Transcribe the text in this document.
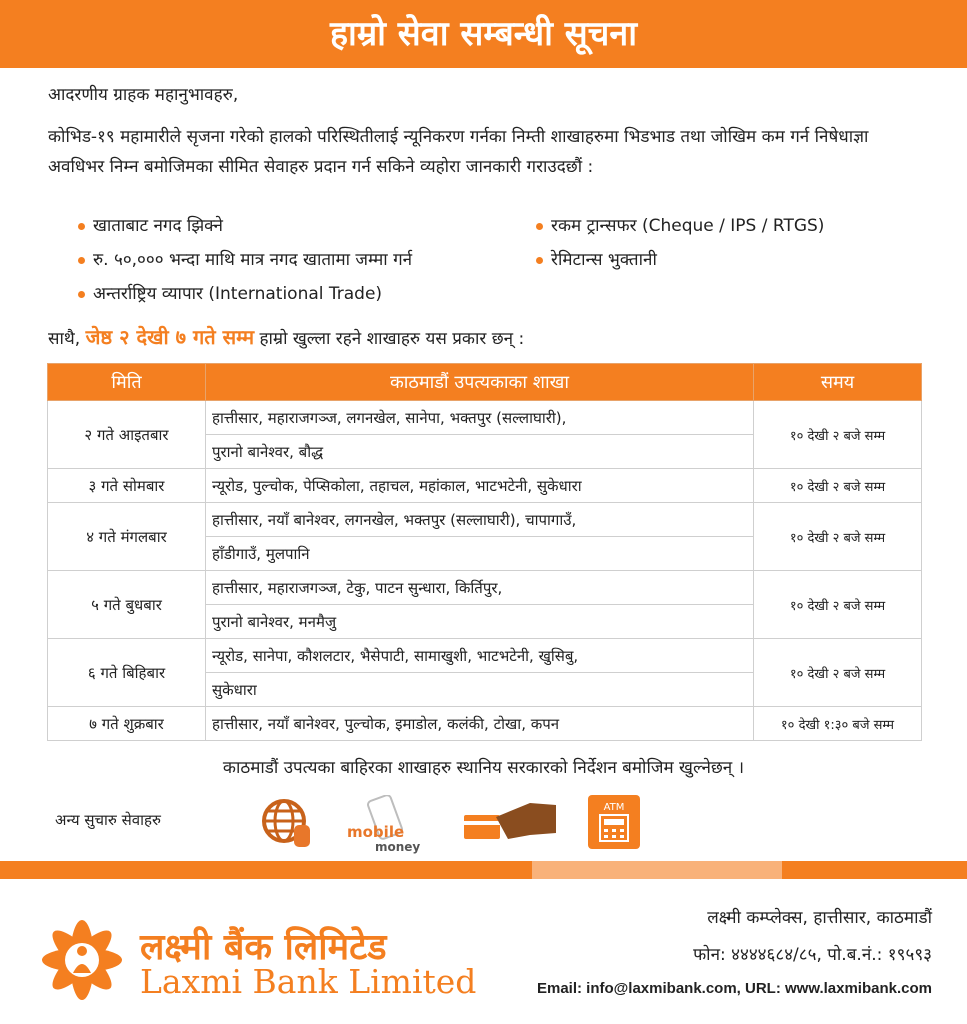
हाम्रो सेवा सम्बन्धी सूचना
आदरणीय ग्राहक महानुभावहरु,
कोभिड-१९ महामारीले सृजना गरेको हालको परिस्थितीलाई न्यूनिकरण गर्नका निम्ती शाखाहरुमा भिडभाड तथा जोखिम कम गर्न निषेधाज्ञा अवधिभर निम्न बमोजिमका सीमित सेवाहरु प्रदान गर्न सकिने व्यहोरा जानकारी गराउदछौं :
खाताबाट नगद झिक्ने	रकम ट्रान्सफर (Cheque / IPS / RTGS)
रु. ५०,००० भन्दा माथि मात्र नगद खातामा जम्मा गर्न	रेमिटान्स भुक्तानी
अन्तर्राष्ट्रिय व्यापार (International Trade)
साथै, जेष्ठ २ देखी ७ गते सम्म हाम्रो खुल्ला रहने शाखाहरु यस प्रकार छन् :
मिति	काठमाडौं उपत्यकाका शाखा	समय
२ गते आइतबार	हात्तीसार, महाराजगञ्ज, लगनखेल, सानेपा, भक्तपुर (सल्लाघारी),	१० देखी २ बजे सम्म
	पुरानो बानेश्वर, बौद्ध	
३ गते सोमबार	न्यूरोड, पुल्चोक, पेप्सिकोला, तहाचल, महांकाल, भाटभटेनी, सुकेधारा	१० देखी २ बजे सम्म
४ गते मंगलबार	हात्तीसार, नयाँ बानेश्वर, लगनखेल, भक्तपुर (सल्लाघारी), चापागाउँ,	१० देखी २ बजे सम्म
	हाँडीगाउँ, मुलपानि	
५ गते बुधबार	हात्तीसार, महाराजगञ्ज, टेकु, पाटन सुन्धारा, किर्तिपुर,	१० देखी २ बजे सम्म
	पुरानो बानेश्वर, मनमैजु	
६ गते बिहिबार	न्यूरोड, सानेपा, कौशलटार, भैसेपाटी, सामाखुशी, भाटभटेनी, खुसिबु,	१० देखी २ बजे सम्म
	सुकेधारा	
७ गते शुक्रबार	हात्तीसार, नयाँ बानेश्वर, पुल्चोक, इमाडोल, कलंकी, टोखा, कपन	१० देखी १:३० बजे सम्म
काठमाडौं उपत्यका बाहिरका शाखाहरु स्थानिय सरकारको निर्देशन बमोजिम खुल्नेछन् ।
अन्य सुचारु सेवाहरु
mobile
money
ATM
लक्ष्मी बैंक लिमिटेड
Laxmi Bank Limited
लक्ष्मी कम्प्लेक्स, हात्तीसार, काठमाडौं
फोन: ४४४४६८४/८५, पो.ब.नं.: १९५९३
Email: info@laxmibank.com, URL: www.laxmibank.com
